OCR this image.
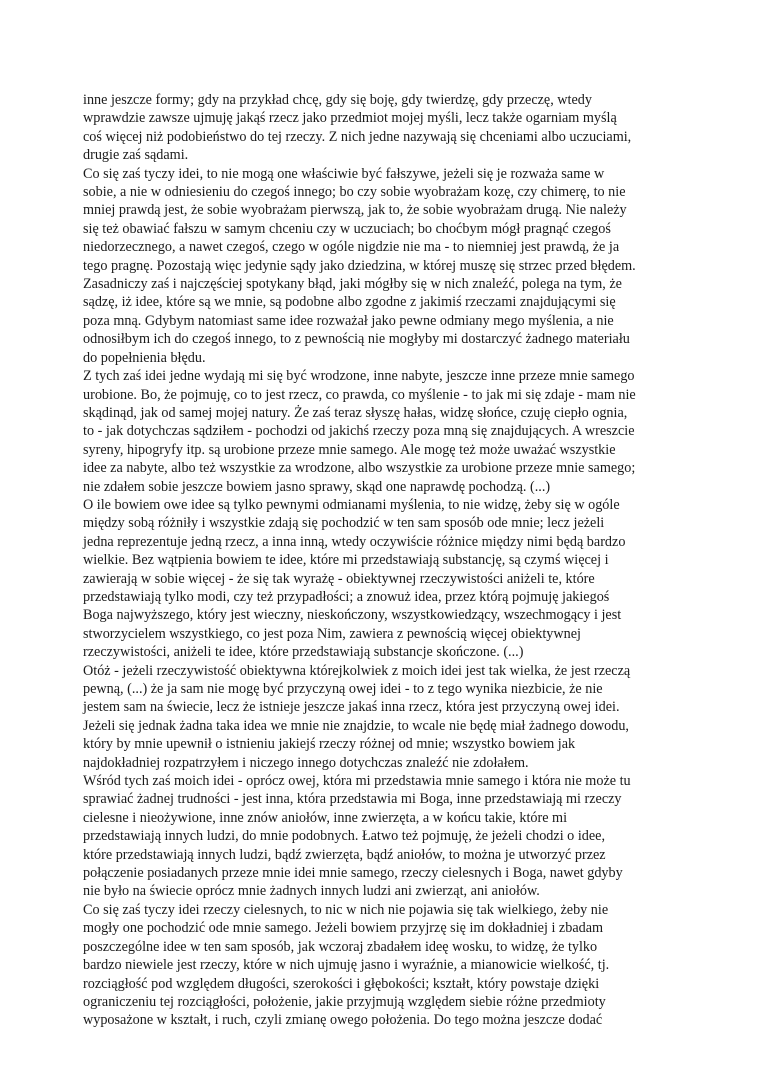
inne jeszcze formy; gdy na przykład chcę, gdy się boję, gdy twierdzę, gdy przeczę, wtedy
wprawdzie zawsze ujmuję jakąś rzecz jako przedmiot mojej myśli, lecz także ogarniam myślą
coś więcej niż podobieństwo do tej rzeczy. Z nich jedne nazywają się chceniami albo uczuciami,
drugie zaś sądami.
Co się zaś tyczy idei, to nie mogą one właściwie być fałszywe, jeżeli się je rozważa same w
sobie, a nie w odniesieniu do czegoś innego; bo czy sobie wyobrażam kozę, czy chimerę, to nie
mniej prawdą jest, że sobie wyobrażam pierwszą, jak to, że sobie wyobrażam drugą. Nie należy
się też obawiać fałszu w samym chceniu czy w uczuciach; bo choćbym mógł pragnąć czegoś
niedorzecznego, a nawet czegoś, czego w ogóle nigdzie nie ma - to niemniej jest prawdą, że ja
tego pragnę. Pozostają więc jedynie sądy jako dziedzina, w której muszę się strzec przed błędem.
Zasadniczy zaś i najczęściej spotykany błąd, jaki mógłby się w nich znaleźć, polega na tym, że
sądzę, iż idee, które są we mnie, są podobne albo zgodne z jakimiś rzeczami znajdującymi się
poza mną. Gdybym natomiast same idee rozważał jako pewne odmiany mego myślenia, a nie
odnosiłbym ich do czegoś innego, to z pewnością nie mogłyby mi dostarczyć żadnego materiału
do popełnienia błędu.
Z tych zaś idei jedne wydają mi się być wrodzone, inne nabyte, jeszcze inne przeze mnie samego
urobione. Bo, że pojmuję, co to jest rzecz, co prawda, co myślenie - to jak mi się zdaje - mam nie
skądinąd, jak od samej mojej natury. Że zaś teraz słyszę hałas, widzę słońce, czuję ciepło ognia,
to - jak dotychczas sądziłem - pochodzi od jakichś rzeczy poza mną się znajdujących. A wreszcie
syreny, hipogryfy itp. są urobione przeze mnie samego. Ale mogę też może uważać wszystkie
idee za nabyte, albo też wszystkie za wrodzone, albo wszystkie za urobione przeze mnie samego;
nie zdałem sobie jeszcze bowiem jasno sprawy, skąd one naprawdę pochodzą. (...)
O ile bowiem owe idee są tylko pewnymi odmianami myślenia, to nie widzę, żeby się w ogóle
między sobą różniły i wszystkie zdają się pochodzić w ten sam sposób ode mnie; lecz jeżeli
jedna reprezentuje jedną rzecz, a inna inną, wtedy oczywiście różnice między nimi będą bardzo
wielkie. Bez wątpienia bowiem te idee, które mi przedstawiają substancję, są czymś więcej i
zawierają w sobie więcej - że się tak wyrażę - obiektywnej rzeczywistości aniżeli te, które
przedstawiają tylko modi, czy też przypadłości; a znowuż idea, przez którą pojmuję jakiegoś
Boga najwyższego, który jest wieczny, nieskończony, wszystkowiedzący, wszechmogący i jest
stworzycielem wszystkiego, co jest poza Nim, zawiera z pewnością więcej obiektywnej
rzeczywistości, aniżeli te idee, które przedstawiają substancje skończone. (...)
Otóż - jeżeli rzeczywistość obiektywna którejkolwiek z moich idei jest tak wielka, że jest rzeczą
pewną, (...) że ja sam nie mogę być przyczyną owej idei - to z tego wynika niezbicie, że nie
jestem sam na świecie, lecz że istnieje jeszcze jakaś inna rzecz, która jest przyczyną owej idei.
Jeżeli się jednak żadna taka idea we mnie nie znajdzie, to wcale nie będę miał żadnego dowodu,
który by mnie upewnił o istnieniu jakiejś rzeczy różnej od mnie; wszystko bowiem jak
najdokładniej rozpatrzyłem i niczego innego dotychczas znaleźć nie zdołałem.
Wśród tych zaś moich idei - oprócz owej, która mi przedstawia mnie samego i która nie może tu
sprawiać żadnej trudności - jest inna, która przedstawia mi Boga, inne przedstawiają mi rzeczy
cielesne i nieożywione, inne znów aniołów, inne zwierzęta, a w końcu takie, które mi
przedstawiają innych ludzi, do mnie podobnych. Łatwo też pojmuję, że jeżeli chodzi o idee,
które przedstawiają innych ludzi, bądź zwierzęta, bądź aniołów, to można je utworzyć przez
połączenie posiadanych przeze mnie idei mnie samego, rzeczy cielesnych i Boga, nawet gdyby
nie było na świecie oprócz mnie żadnych innych ludzi ani zwierząt, ani aniołów.
Co się zaś tyczy idei rzeczy cielesnych, to nic w nich nie pojawia się tak wielkiego, żeby nie
mogły one pochodzić ode mnie samego. Jeżeli bowiem przyjrzę się im dokładniej i zbadam
poszczególne idee w ten sam sposób, jak wczoraj zbadałem ideę wosku, to widzę, że tylko
bardzo niewiele jest rzeczy, które w nich ujmuję jasno i wyraźnie, a mianowicie wielkość, tj.
rozciągłość pod względem długości, szerokości i głębokości; kształt, który powstaje dzięki
ograniczeniu tej rozciągłości, położenie, jakie przyjmują względem siebie różne przedmioty
wyposażone w kształt, i ruch, czyli zmianę owego położenia. Do tego można jeszcze dodać
